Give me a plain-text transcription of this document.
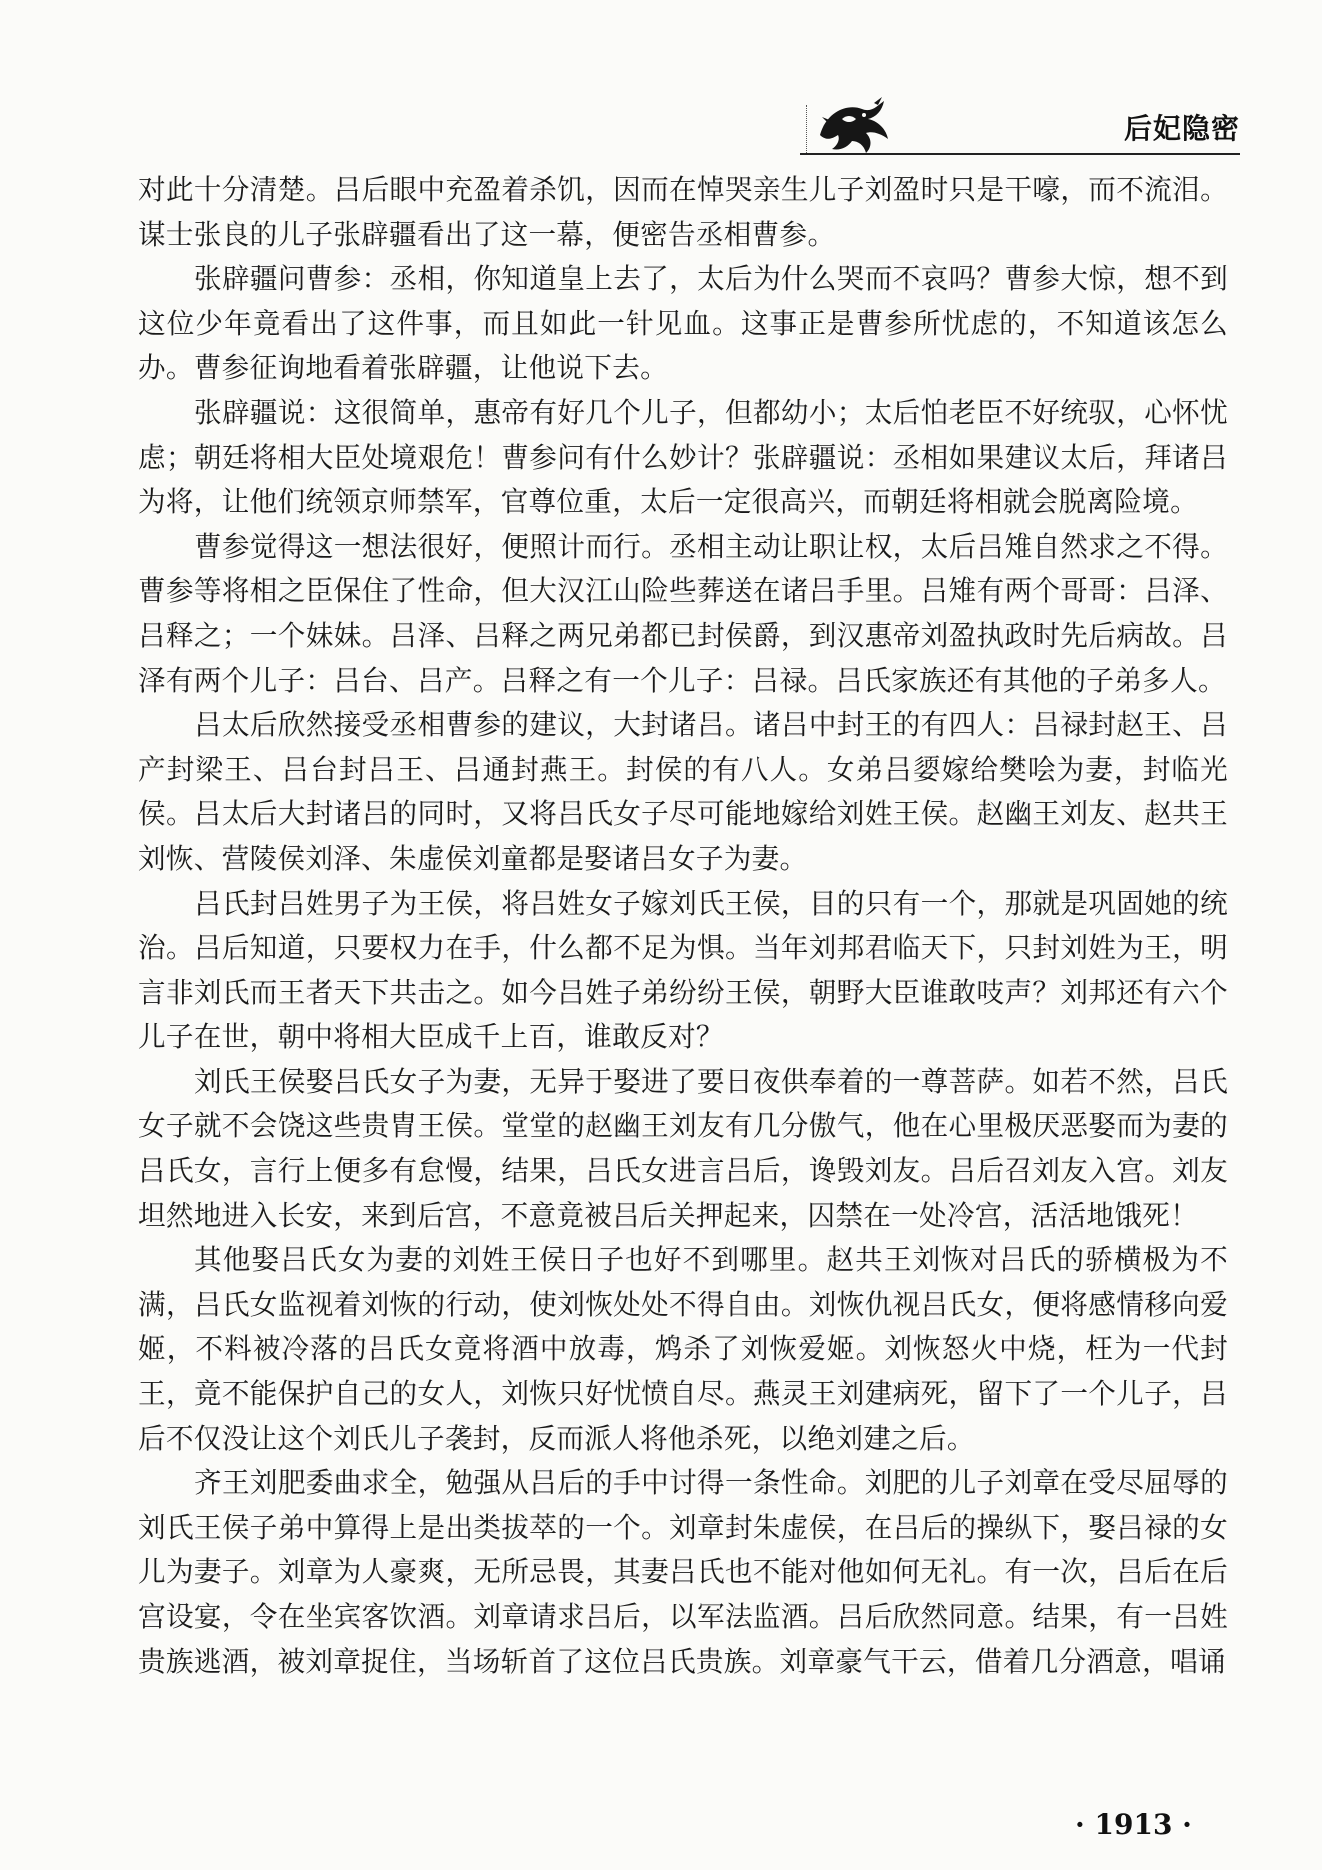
后妃隐密

对此十分清楚。吕后眼中充盈着杀饥，因而在悼哭亲生儿子刘盈时只是干嚎，而不流泪。谋士张良的儿子张辟疆看出了这一幕，便密告丞相曹参。

张辟疆问曹参：丞相，你知道皇上去了，太后为什么哭而不哀吗？曹参大惊，想不到这位少年竟看出了这件事，而且如此一针见血。这事正是曹参所忧虑的，不知道该怎么办。曹参征询地看着张辟疆，让他说下去。

张辟疆说：这很简单，惠帝有好几个儿子，但都幼小；太后怕老臣不好统驭，心怀忧虑；朝廷将相大臣处境艰危！曹参问有什么妙计？张辟疆说：丞相如果建议太后，拜诸吕为将，让他们统领京师禁军，官尊位重，太后一定很高兴，而朝廷将相就会脱离险境。

曹参觉得这一想法很好，便照计而行。丞相主动让职让权，太后吕雉自然求之不得。曹参等将相之臣保住了性命，但大汉江山险些葬送在诸吕手里。吕雉有两个哥哥：吕泽、吕释之；一个妹妹。吕泽、吕释之两兄弟都已封侯爵，到汉惠帝刘盈执政时先后病故。吕泽有两个儿子：吕台、吕产。吕释之有一个儿子：吕禄。吕氏家族还有其他的子弟多人。

吕太后欣然接受丞相曹参的建议，大封诸吕。诸吕中封王的有四人：吕禄封赵王、吕产封梁王、吕台封吕王、吕通封燕王。封侯的有八人。女弟吕媭嫁给樊哙为妻，封临光侯。吕太后大封诸吕的同时，又将吕氏女子尽可能地嫁给刘姓王侯。赵幽王刘友、赵共王刘恢、营陵侯刘泽、朱虚侯刘童都是娶诸吕女子为妻。

吕氏封吕姓男子为王侯，将吕姓女子嫁刘氏王侯，目的只有一个，那就是巩固她的统治。吕后知道，只要权力在手，什么都不足为惧。当年刘邦君临天下，只封刘姓为王，明言非刘氏而王者天下共击之。如今吕姓子弟纷纷王侯，朝野大臣谁敢吱声？刘邦还有六个儿子在世，朝中将相大臣成千上百，谁敢反对？

刘氏王侯娶吕氏女子为妻，无异于娶进了要日夜供奉着的一尊菩萨。如若不然，吕氏女子就不会饶这些贵胄王侯。堂堂的赵幽王刘友有几分傲气，他在心里极厌恶娶而为妻的吕氏女，言行上便多有怠慢，结果，吕氏女进言吕后，谗毁刘友。吕后召刘友入宫。刘友坦然地进入长安，来到后宫，不意竟被吕后关押起来，囚禁在一处冷宫，活活地饿死！

其他娶吕氏女为妻的刘姓王侯日子也好不到哪里。赵共王刘恢对吕氏的骄横极为不满，吕氏女监视着刘恢的行动，使刘恢处处不得自由。刘恢仇视吕氏女，便将感情移向爱姬，不料被冷落的吕氏女竟将酒中放毒，鸩杀了刘恢爱姬。刘恢怒火中烧，枉为一代封王，竟不能保护自己的女人，刘恢只好忧愤自尽。燕灵王刘建病死，留下了一个儿子，吕后不仅没让这个刘氏儿子袭封，反而派人将他杀死，以绝刘建之后。

齐王刘肥委曲求全，勉强从吕后的手中讨得一条性命。刘肥的儿子刘章在受尽屈辱的刘氏王侯子弟中算得上是出类拔萃的一个。刘章封朱虚侯，在吕后的操纵下，娶吕禄的女儿为妻子。刘章为人豪爽，无所忌畏，其妻吕氏也不能对他如何无礼。有一次，吕后在后宫设宴，令在坐宾客饮酒。刘章请求吕后，以军法监酒。吕后欣然同意。结果，有一吕姓贵族逃酒，被刘章捉住，当场斩首了这位吕氏贵族。刘章豪气干云，借着几分酒意，唱诵

· 1913 ·
